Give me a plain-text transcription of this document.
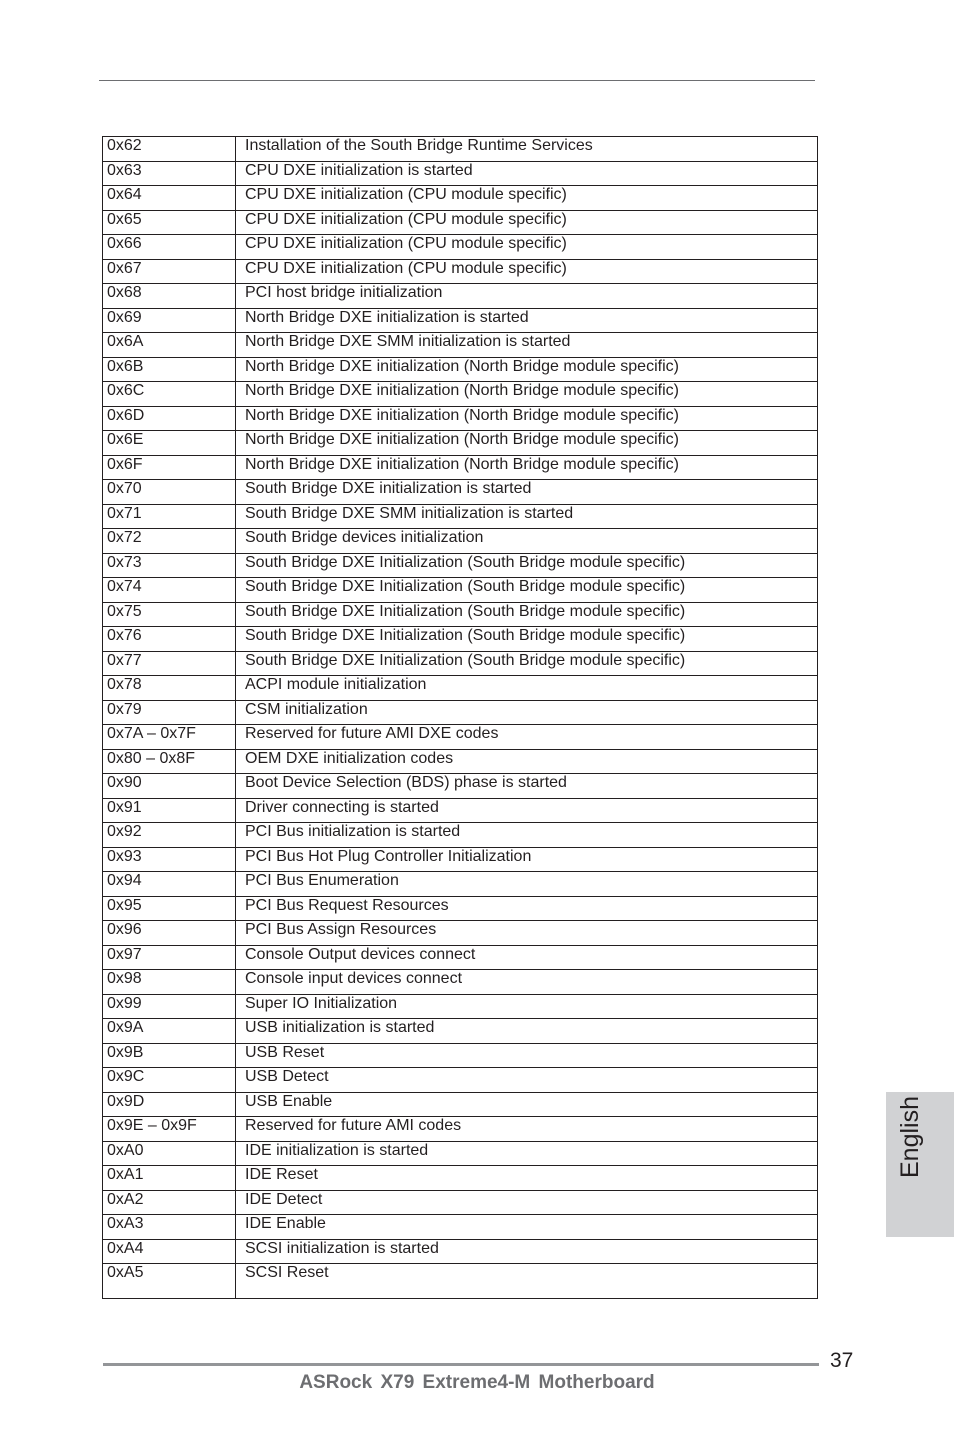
0x62	Installation of the South Bridge Runtime Services
0x63	CPU DXE initialization is started
0x64	CPU DXE initialization (CPU module specific)
0x65	CPU DXE initialization (CPU module specific)
0x66	CPU DXE initialization (CPU module specific)
0x67	CPU DXE initialization (CPU module specific)
0x68	PCI host bridge initialization
0x69	North Bridge DXE initialization is started
0x6A	North Bridge DXE SMM initialization is started
0x6B	North Bridge DXE initialization (North Bridge module specific)
0x6C	North Bridge DXE initialization (North Bridge module specific)
0x6D	North Bridge DXE initialization (North Bridge module specific)
0x6E	North Bridge DXE initialization (North Bridge module specific)
0x6F	North Bridge DXE initialization (North Bridge module specific)
0x70	South Bridge DXE initialization is started
0x71	South Bridge DXE SMM initialization is started
0x72	South Bridge devices initialization
0x73	South Bridge DXE Initialization (South Bridge module specific)
0x74	South Bridge DXE Initialization (South Bridge module specific)
0x75	South Bridge DXE Initialization (South Bridge module specific)
0x76	South Bridge DXE Initialization (South Bridge module specific)
0x77	South Bridge DXE Initialization (South Bridge module specific)
0x78	ACPI module initialization
0x79	CSM initialization
0x7A – 0x7F	Reserved for future AMI DXE codes
0x80 – 0x8F	OEM DXE initialization codes
0x90	Boot Device Selection (BDS) phase is started
0x91	Driver connecting is started
0x92	PCI Bus initialization is started
0x93	PCI Bus Hot Plug Controller Initialization
0x94	PCI Bus Enumeration
0x95	PCI Bus Request Resources
0x96	PCI Bus Assign Resources
0x97	Console Output devices connect
0x98	Console input devices connect
0x99	Super IO Initialization
0x9A	USB initialization is started
0x9B	USB Reset
0x9C	USB Detect
0x9D	USB Enable
0x9E – 0x9F	Reserved for future AMI codes
0xA0	IDE initialization is started
0xA1	IDE Reset
0xA2	IDE Detect
0xA3	IDE Enable
0xA4	SCSI initialization is started
0xA5	SCSI Reset
English
37
ASRock X79 Extreme4-M Motherboard
